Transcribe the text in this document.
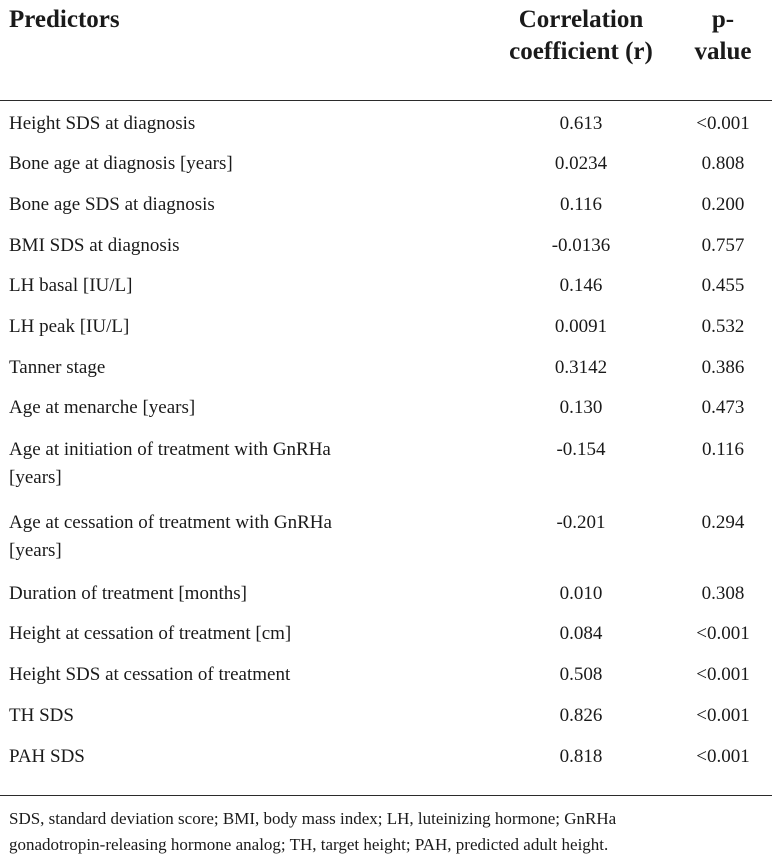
Predictors	Correlation
coefficient (r)
p-
value
Height SDS at diagnosis	0.613	<0.001
Bone age at diagnosis [years]	0.0234	0.808
Bone age SDS at diagnosis	0.116	0.200
BMI SDS at diagnosis	-0.0136	0.757
LH basal [IU/L]	0.146	0.455
LH peak [IU/L]	0.0091	0.532
Tanner stage	0.3142	0.386
Age at menarche [years]	0.130	0.473
Age at initiation of treatment with GnRHa
[years]
-0.154	0.116
Age at cessation of treatment with GnRHa
[years]
-0.201	0.294
Duration of treatment [months]	0.010	0.308
Height at cessation of treatment [cm]	0.084	<0.001
Height SDS at cessation of treatment	0.508	<0.001
TH SDS	0.826	<0.001
PAH SDS	0.818	<0.001
SDS, standard deviation score; BMI, body mass index; LH, luteinizing hormone; GnRHa
gonadotropin-releasing hormone analog; TH, target height; PAH, predicted adult height.
